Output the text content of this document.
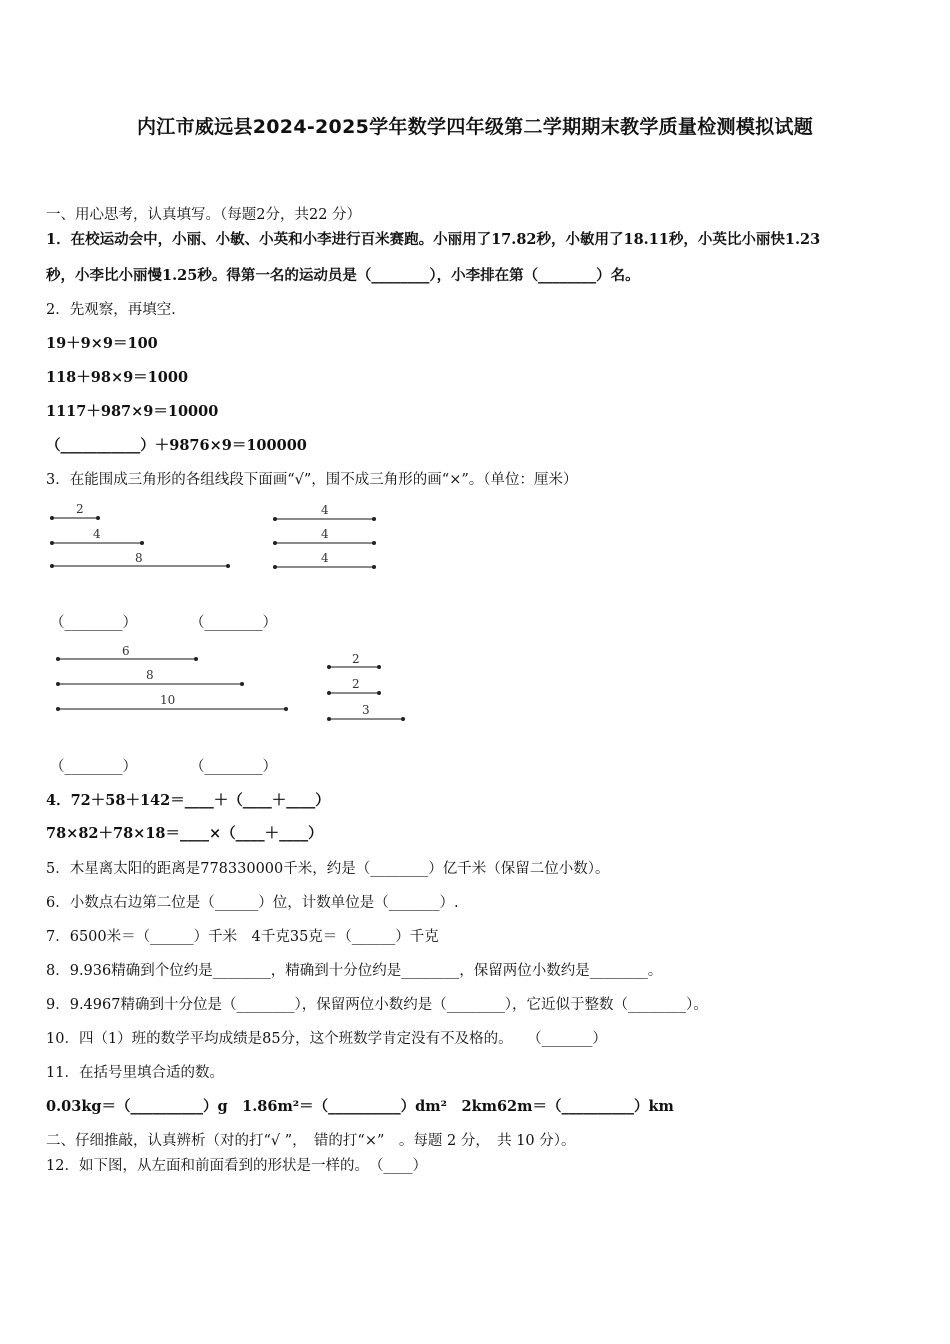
内江市威远县2024-2025学年数学四年级第二学期期末教学质量检测模拟试题
一、用心思考，认真填写。（每题2分，共22 分）
1．在校运动会中，小丽、小敏、小英和小李进行百米赛跑。小丽用了17.82秒，小敏用了18.11秒，小英比小丽快1.23
秒，小李比小丽慢1.25秒。得第一名的运动员是（________），小李排在第（________）名。
2．先观察，再填空．
19＋9×9＝100
118＋98×9＝1000
1117＋987×9＝10000
（___________）＋9876×9＝100000
3．在能围成三角形的各组线段下面画“√”，围不成三角形的画“×”。（单位：厘米）
2
4
8
4
4
4
（________）	（________）
6
8
10
2
2
3
（________）	（________）
4．72＋58＋142＝____＋（____＋____）
78×82＋78×18＝____×（____＋____）
5．木星离太阳的距离是778330000千米，约是（________）亿千米（保留二位小数）。
6．小数点右边第二位是（______）位，计数单位是（_______）.
7．6500米＝（______）千米　4千克35克＝（______）千克
8．9.936精确到个位约是________，精确到十分位约是________，保留两位小数约是________。
9．9.4967精确到十分位是（________），保留两位小数约是（________），它近似于整数（________）。
10．四（1）班的数学平均成绩是85分，这个班数学肯定没有不及格的。　　（_______）
11．在括号里填合适的数。
0.03kg＝（__________）g　1.86m²＝（__________）dm²　2km62m＝（__________）km
二、仔细推敲，认真辨析（对的打“√ ”，　错的打“×”　。每题 2 分，　共 10 分）。
12．如下图，从左面和前面看到的形状是一样的。　（____）
